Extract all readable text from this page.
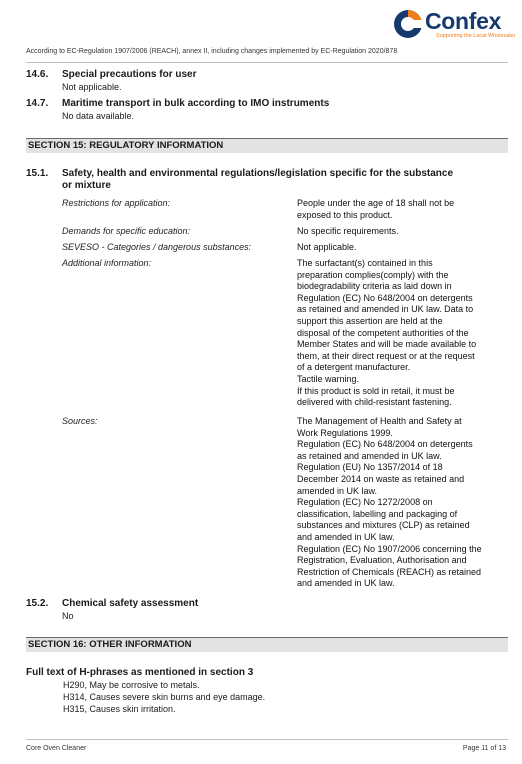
Confex
Supporting the Local Wholesaler
According to EC-Regulation 1907/2006 (REACH), annex II, including changes implemented by EC-Regulation 2020/878
14.6. Special precautions for user
Not applicable.
14.7. Maritime transport in bulk according to IMO instruments
No data available.
SECTION 15: REGULATORY INFORMATION
15.1. Safety, health and environmental regulations/legislation specific for the substance
or mixture
Restrictions for application:	People under the age of 18 shall not be
exposed to this product.
Demands for specific education:	No specific requirements.
SEVESO - Categories / dangerous substances:	Not applicable.
Additional information:	The surfactant(s) contained in this
preparation complies(comply) with the
biodegradability criteria as laid down in
Regulation (EC) No 648/2004 on detergents
as retained and amended in UK law. Data to
support this assertion are held at the
disposal of the competent authorities of the
Member States and will be made available to
them, at their direct request or at the request
of a detergent manufacturer.
Tactile warning.
If this product is sold in retail, it must be
delivered with child-resistant fastening.
Sources:	The Management of Health and Safety at
Work Regulations 1999.
Regulation (EC) No 648/2004 on detergents
as retained and amended in UK law.
Regulation (EU) No 1357/2014 of 18
December 2014 on waste as retained and
amended in UK law.
Regulation (EC) No 1272/2008 on
classification, labelling and packaging of
substances and mixtures (CLP) as retained
and amended in UK law.
Regulation (EC) No 1907/2006 concerning the
Registration, Evaluation, Authorisation and
Restriction of Chemicals (REACH) as retained
and amended in UK law.
15.2. Chemical safety assessment
No
SECTION 16: OTHER INFORMATION
Full text of H-phrases as mentioned in section 3
H290, May be corrosive to metals.
H314, Causes severe skin burns and eye damage.
H315, Causes skin irritation.
Core Oven Cleaner	Page 11 of 13
